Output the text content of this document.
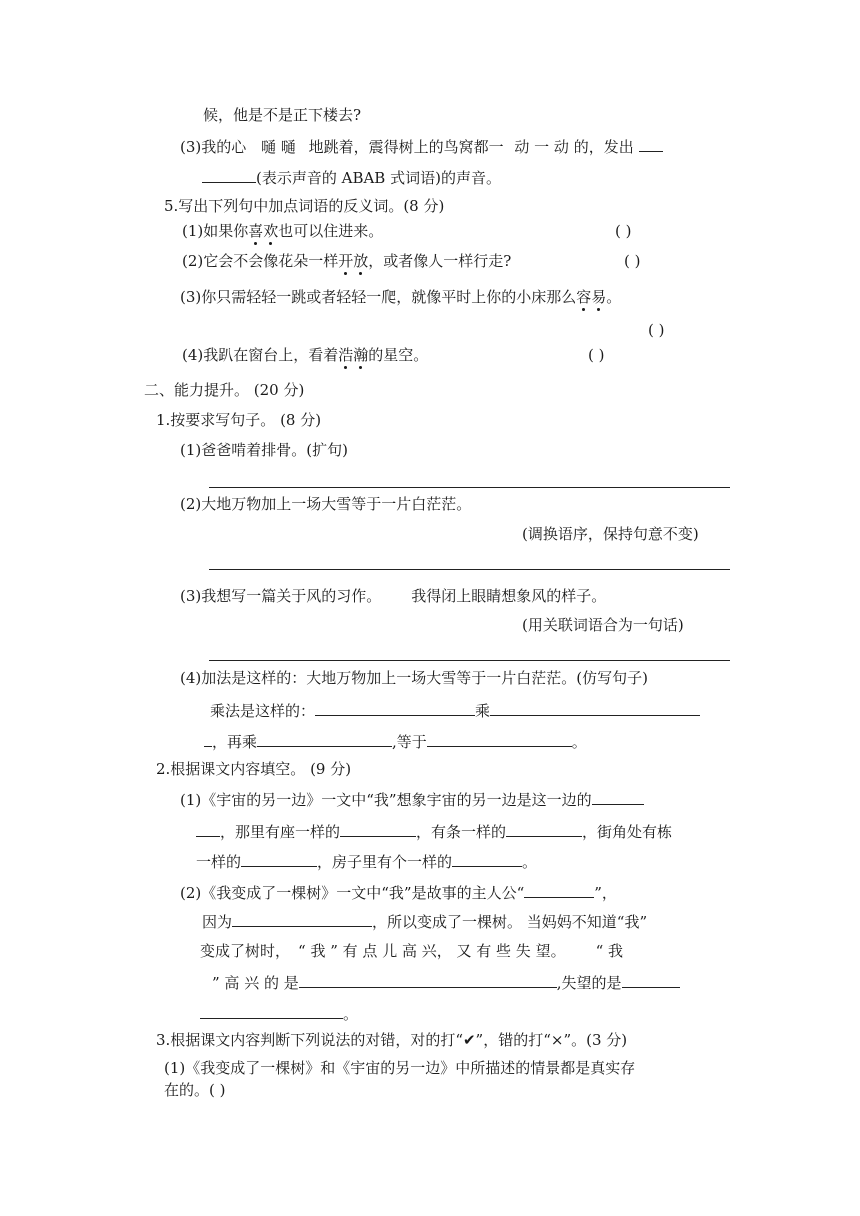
候，他是不是正下楼去?
(3)我的心 嗵 嗵 地跳着，震得树上的鸟窝都一 动 一 动 的，发出
(表示声音的 ABAB 式词语)的声音。
5.写出下列句中加点词语的反义词。(8 分)
(1)如果你喜欢也可以住进来。	( )
(2)它会不会像花朵一样开放，或者像人一样行走?	( )
(3)你只需轻轻一跳或者轻轻一爬，就像平时上你的小床那么容易。
( )
(4)我趴在窗台上，看着浩瀚的星空。	( )
二、能力提升。 (20 分)
1.按要求写句子。 (8 分)
(1)爸爸啃着排骨。(扩句)
(2)大地万物加上一场大雪等于一片白茫茫。
(调换语序，保持句意不变)
(3)我想写一篇关于风的习作。 我得闭上眼睛想象风的样子。
(用关联词语合为一句话)
(4)加法是这样的：大地万物加上一场大雪等于一片白茫茫。(仿写句子)
乘法是这样的：	乘
，再乘	,等于	。
2.根据课文内容填空。 (9 分)
(1)《宇宙的另一边》一文中“我”想象宇宙的另一边是这一边的
，那里有座一样的	，有条一样的	，街角处有栋
一样的	，房子里有个一样的	。
(2)《我变成了一棵树》一文中“我”是故事的主人公“	”，
因为	，所以变成了一棵树。 当妈妈不知道“我”
变成了树时， “ 我 ” 有 点 儿 高 兴， 又 有 些 失 望。 “ 我
” 高 兴 的 是	,失望的是
。
3.根据课文内容判断下列说法的对错，对的打“✔”，错的打“×”。(3 分)
(1)《我变成了一棵树》和《宇宙的另一边》中所描述的情景都是真实存
在的。( )
